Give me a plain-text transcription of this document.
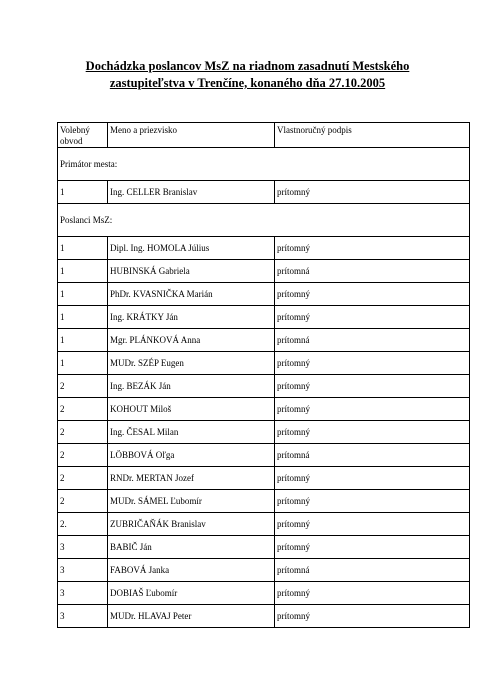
Dochádzka poslancov MsZ na riadnom zasadnutí Mestského
zastupiteľstva v Trenčíne, konaného dňa 27.10.2005
Volebný
obvod	Meno a priezvisko	Vlastnoručný podpis
Primátor mesta:		
1	Ing. CELLER Branislav	prítomný
Poslanci MsZ:		
1	Dipl. Ing. HOMOLA Július	prítomný
1	HUBINSKÁ Gabriela	prítomná
1	PhDr. KVASNIČKA Marián	prítomný
1	Ing. KRÁTKY Ján	prítomný
1	Mgr. PLÁNKOVÁ Anna	prítomná
1	MUDr. SZÉP Eugen	prítomný
2	Ing. BEZÁK Ján	prítomný
2	KOHOUT Miloš	prítomný
2	Ing. ČESAL Milan	prítomný
2	LÖBBOVÁ Oľga	prítomná
2	RNDr. MERTAN Jozef	prítomný
2	MUDr. SÁMEL Ľubomír	prítomný
2.	ZUBRIČAŇÁK Branislav	prítomný
3	BABIČ Ján	prítomný
3	FABOVÁ Janka	prítomná
3	DOBIAŠ Ľubomír	prítomný
3	MUDr. HLAVAJ Peter	prítomný
